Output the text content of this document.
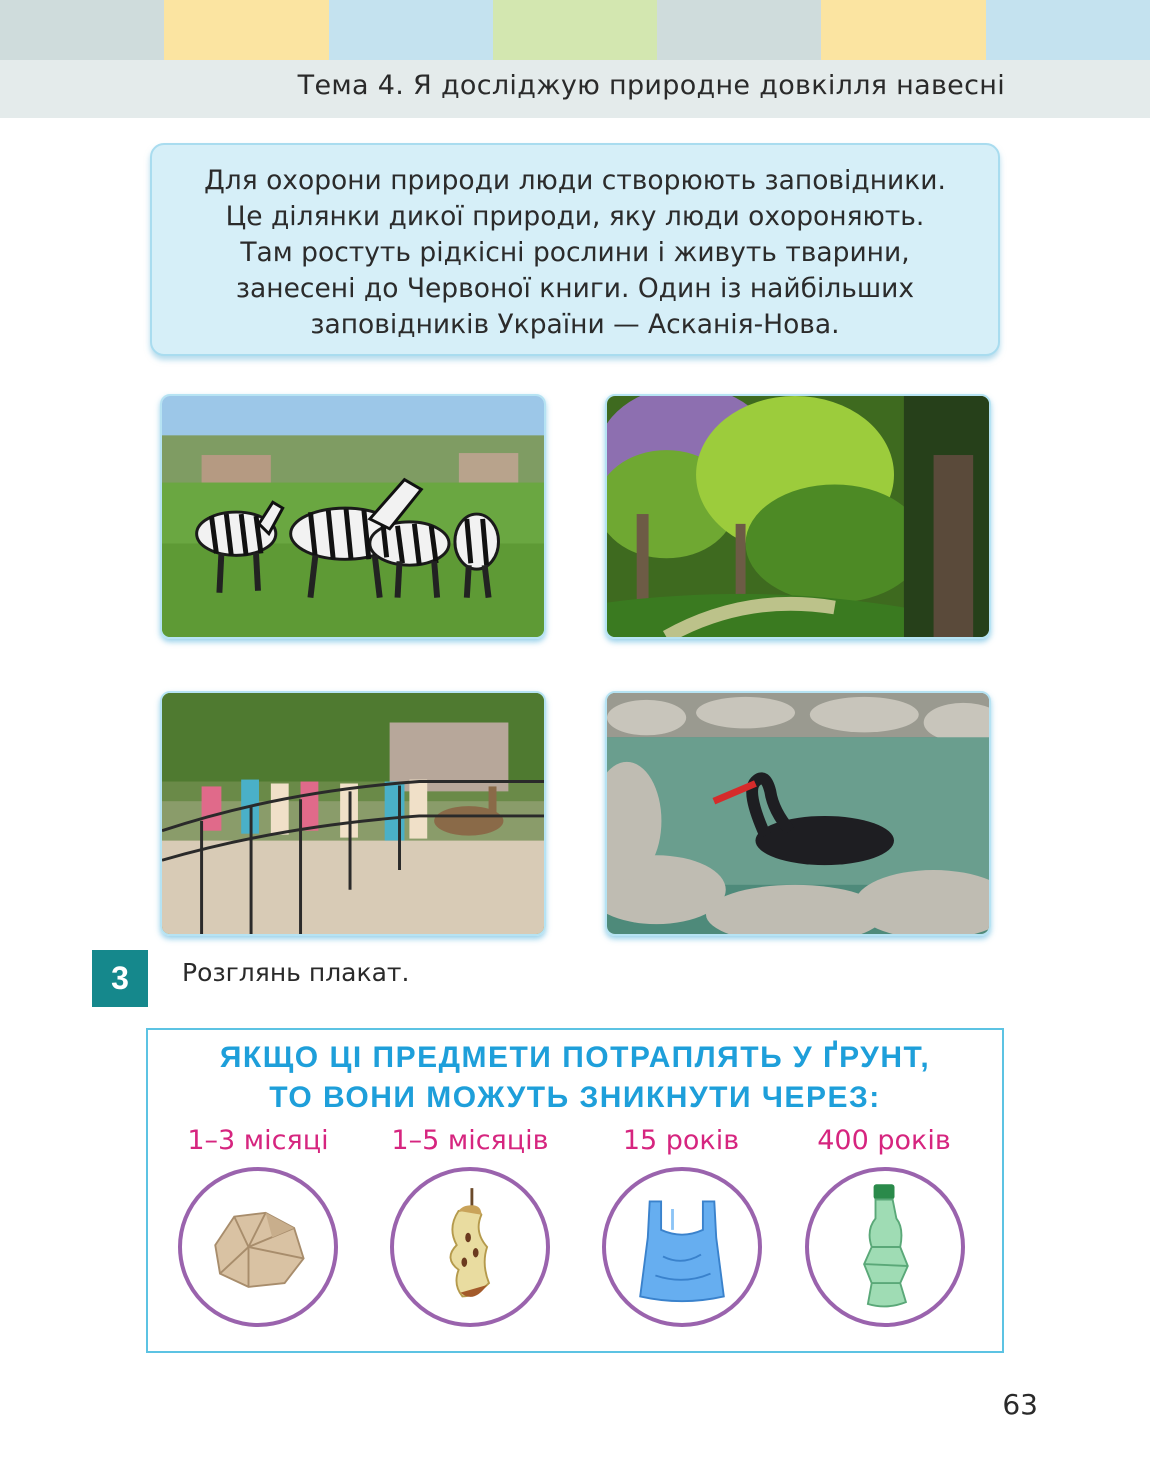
Тема 4. Я досліджую природне довкілля навесні
Для охорони природи люди створюють заповідники.
Це ділянки дикої природи, яку люди охороняють.
Там ростуть рідкісні рослини і живуть тварини,
занесені до Червоної книги. Один із найбільших
заповідників України — Асканія-Нова.
3	Розглянь плакат.
ЯКЩО ЦІ ПРЕДМЕТИ ПОТРАПЛЯТЬ У ҐРУНТ,
ТО ВОНИ МОЖУТЬ ЗНИКНУТИ ЧЕРЕЗ:
1–3 місяці	1–5 місяців	15 років	400 років
63
